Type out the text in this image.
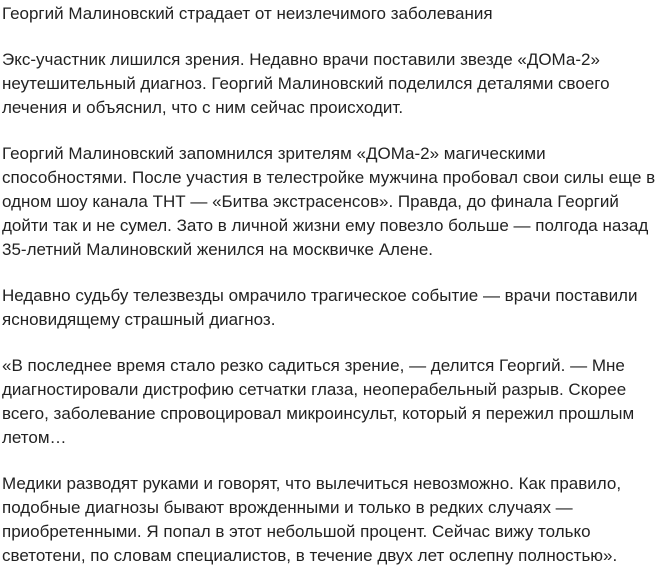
Георгий Малиновский страдает от неизлечимого заболевания

Экс-участник лишился зрения. Недавно врачи поставили звезде «ДОМа-2» неутешительный диагноз. Георгий Малиновский поделился деталями своего лечения и объяснил, что с ним сейчас происходит.

Георгий Малиновский запомнился зрителям «ДОМа-2» магическими способностями. После участия в телестройке мужчина пробовал свои силы еще в одном шоу канала ТНТ — «Битва экстрасенсов». Правда, до финала Георгий дойти так и не сумел. Зато в личной жизни ему повезло больше — полгода назад 35-летний Малиновский женился на москвичке Алене.

Недавно судьбу телезвезды омрачило трагическое событие — врачи поставили ясновидящему страшный диагноз.

«В последнее время стало резко садиться зрение, — делится Георгий. — Мне диагностировали дистрофию сетчатки глаза, неоперабельный разрыв. Скорее всего, заболевание спровоцировал микроинсульт, который я пережил прошлым летом…

Медики разводят руками и говорят, что вылечиться невозможно. Как правило, подобные диагнозы бывают врожденными и только в редких случаях — приобретенными. Я попал в этот небольшой процент. Сейчас вижу только светотени, по словам специалистов, в течение двух лет ослепну полностью».
